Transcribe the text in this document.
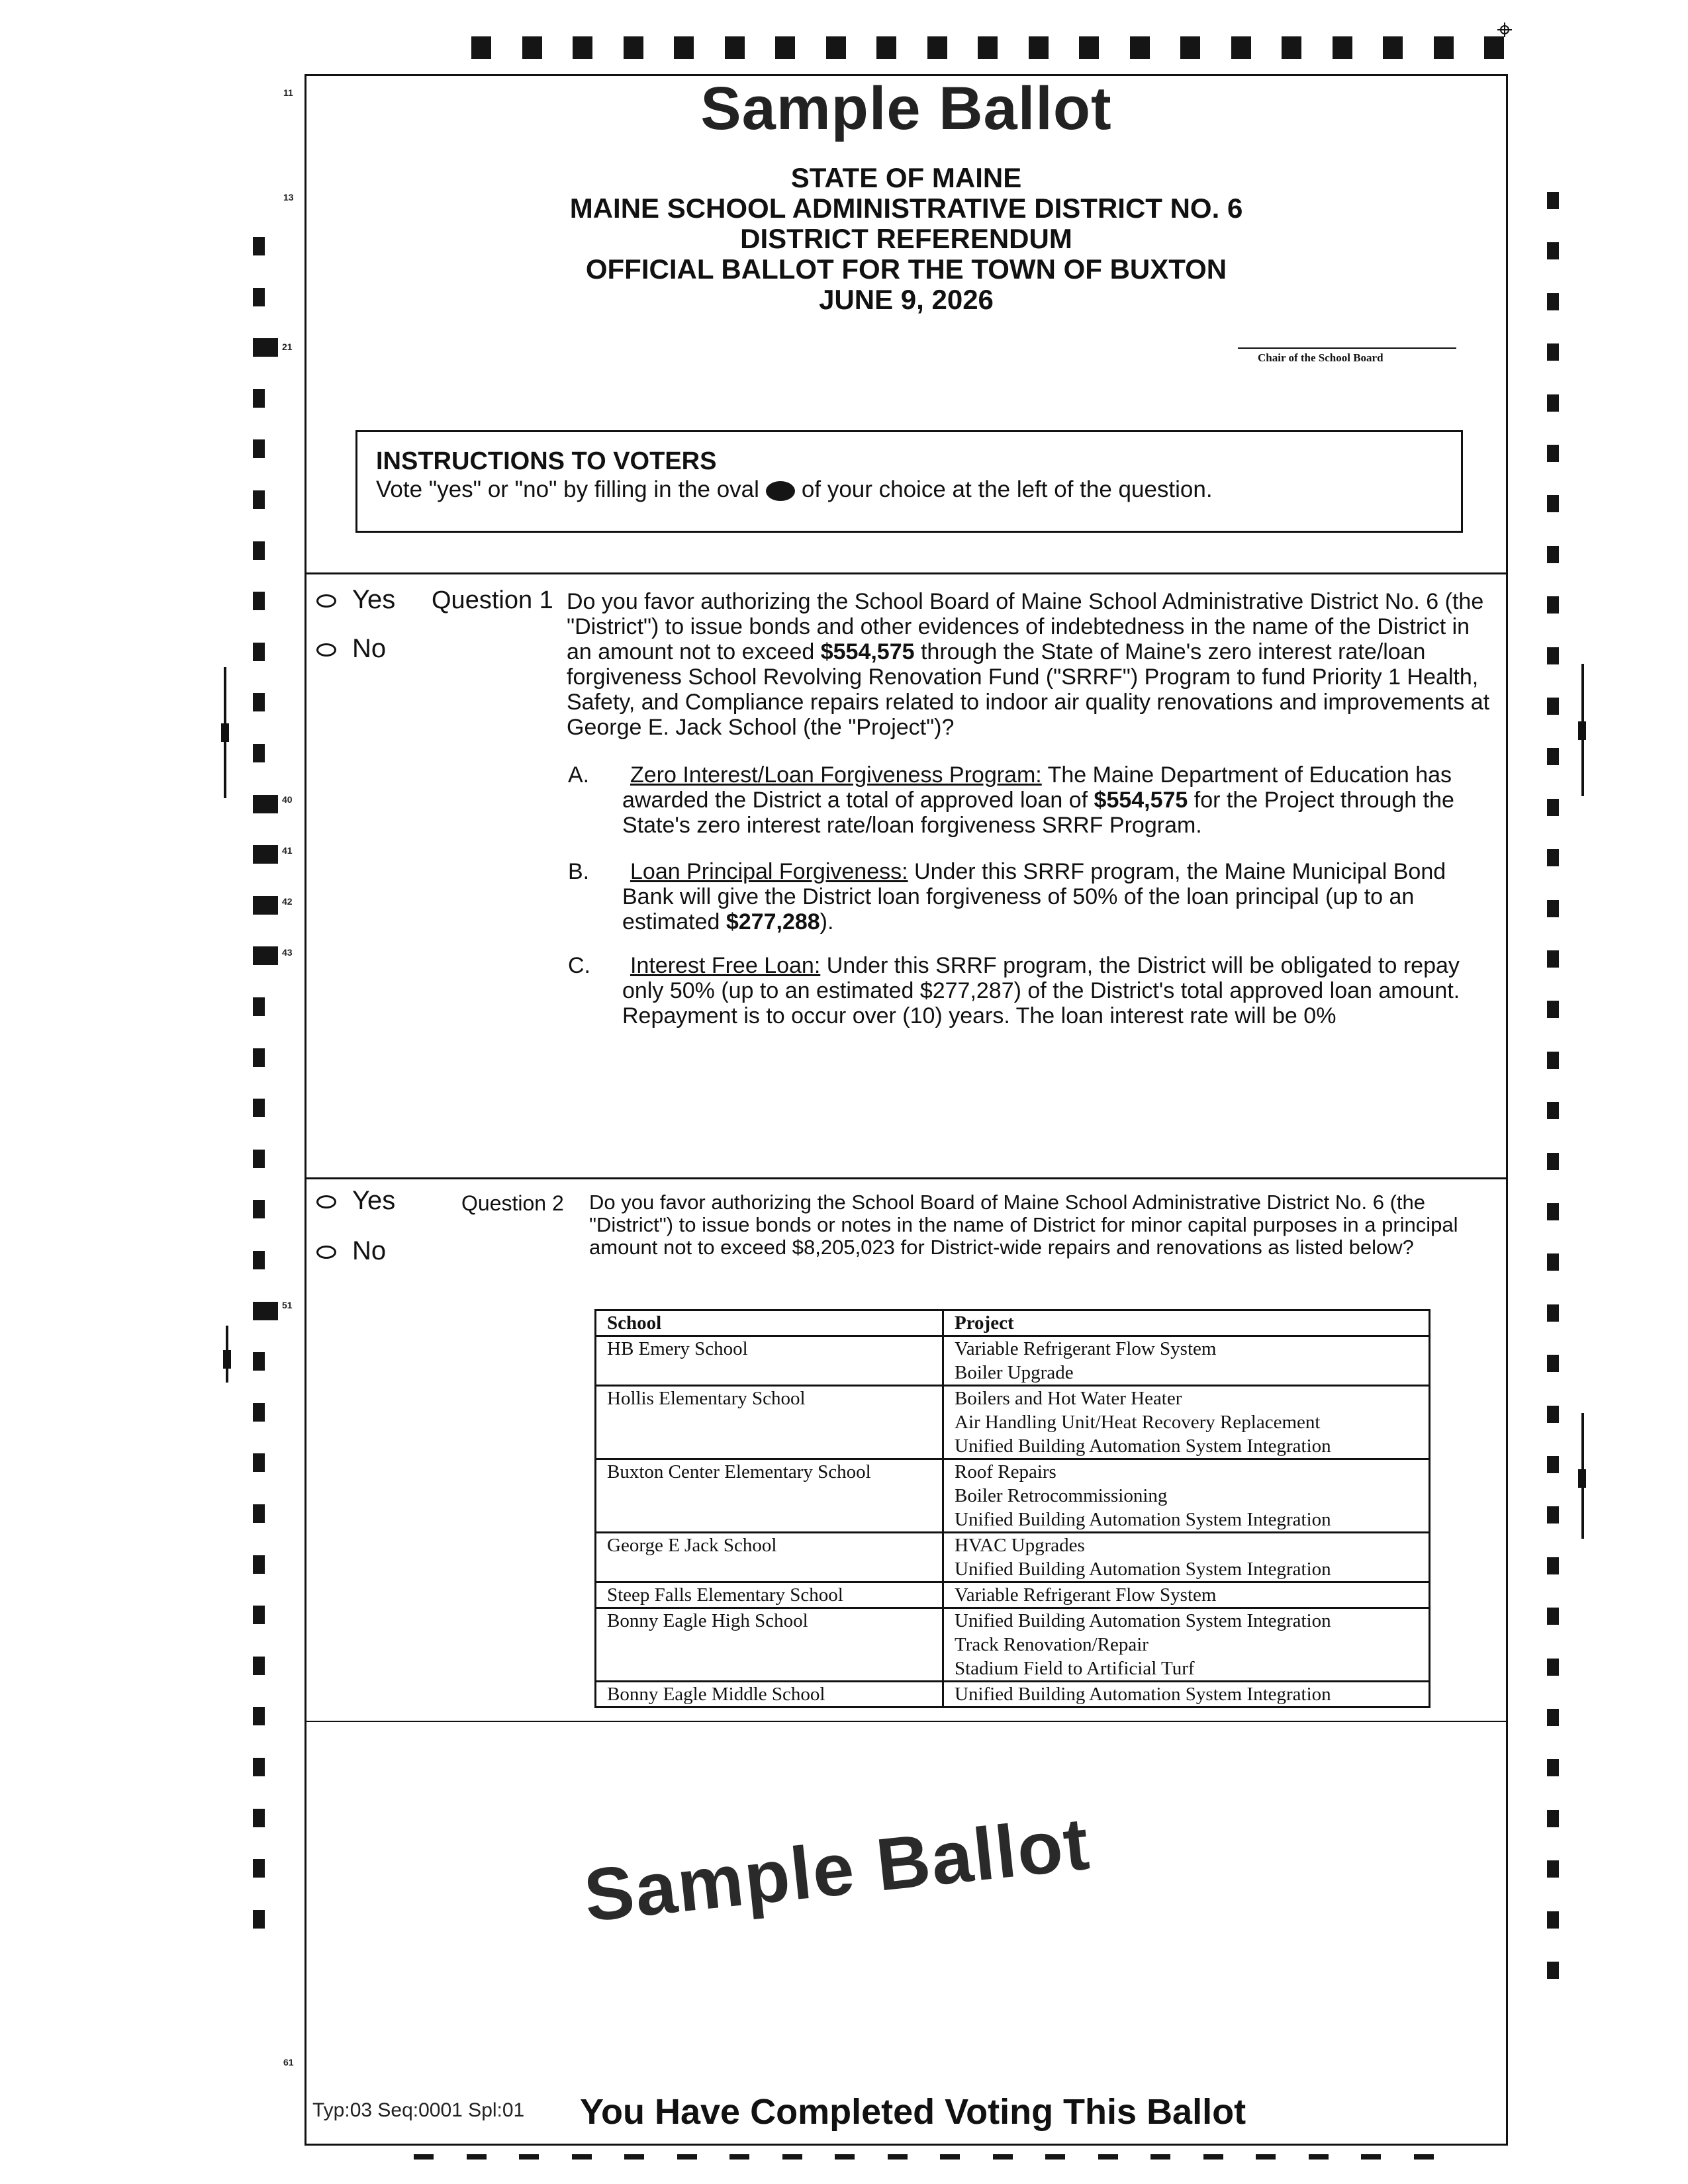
11
13
21
40
41
42
43
51
61
Sample Ballot
STATE OF MAINE
MAINE SCHOOL ADMINISTRATIVE DISTRICT NO. 6
DISTRICT REFERENDUM
OFFICIAL BALLOT FOR THE TOWN OF BUXTON
JUNE 9, 2026
Chair of the School Board
INSTRUCTIONS TO VOTERS
Vote "yes" or "no" by filling in the oval of your choice at the left of the question.
Yes
No
Question 1 Do you favor authorizing the School Board of Maine School Administrative District No. 6 (the "District") to issue bonds and other evidences of indebtedness in the name of the District in an amount not to exceed $554,575 through the State of Maine's zero interest rate/loan forgiveness School Revolving Renovation Fund ("SRRF") Program to fund Priority 1 Health, Safety, and Compliance repairs related to indoor air quality renovations and improvements at George E. Jack School (the "Project")?
A.	Zero Interest/Loan Forgiveness Program: The Maine Department of Education has awarded the District a total of approved loan of $554,575 for the Project through the State's zero interest rate/loan forgiveness SRRF Program.
B.	Loan Principal Forgiveness: Under this SRRF program, the Maine Municipal Bond Bank will give the District loan forgiveness of 50% of the loan principal (up to an estimated $277,288).
C.	Interest Free Loan: Under this SRRF program, the District will be obligated to repay only 50% (up to an estimated $277,287) of the District's total approved loan amount. Repayment is to occur over (10) years. The loan interest rate will be 0%
Yes
No
Question 2 Do you favor authorizing the School Board of Maine School Administrative District No. 6 (the "District") to issue bonds or notes in the name of District for minor capital purposes in a principal amount not to exceed $8,205,023 for District-wide repairs and renovations as listed below?
School	Project
HB Emery School	Variable Refrigerant Flow System
Boiler Upgrade

Hollis Elementary School	Boilers and Hot Water Heater
Air Handling Unit/Heat Recovery Replacement
Unified Building Automation System Integration

Buxton Center Elementary School	Roof Repairs
Boiler Retrocommissioning
Unified Building Automation System Integration

George E Jack School	HVAC Upgrades
Unified Building Automation System Integration

Steep Falls Elementary School	Variable Refrigerant Flow System

Bonny Eagle High School	Unified Building Automation System Integration
Track Renovation/Repair
Stadium Field to Artificial Turf

Bonny Eagle Middle School	Unified Building Automation System Integration
Sample Ballot
Typ:03 Seq:0001 Spl:01 You Have Completed Voting This Ballot
